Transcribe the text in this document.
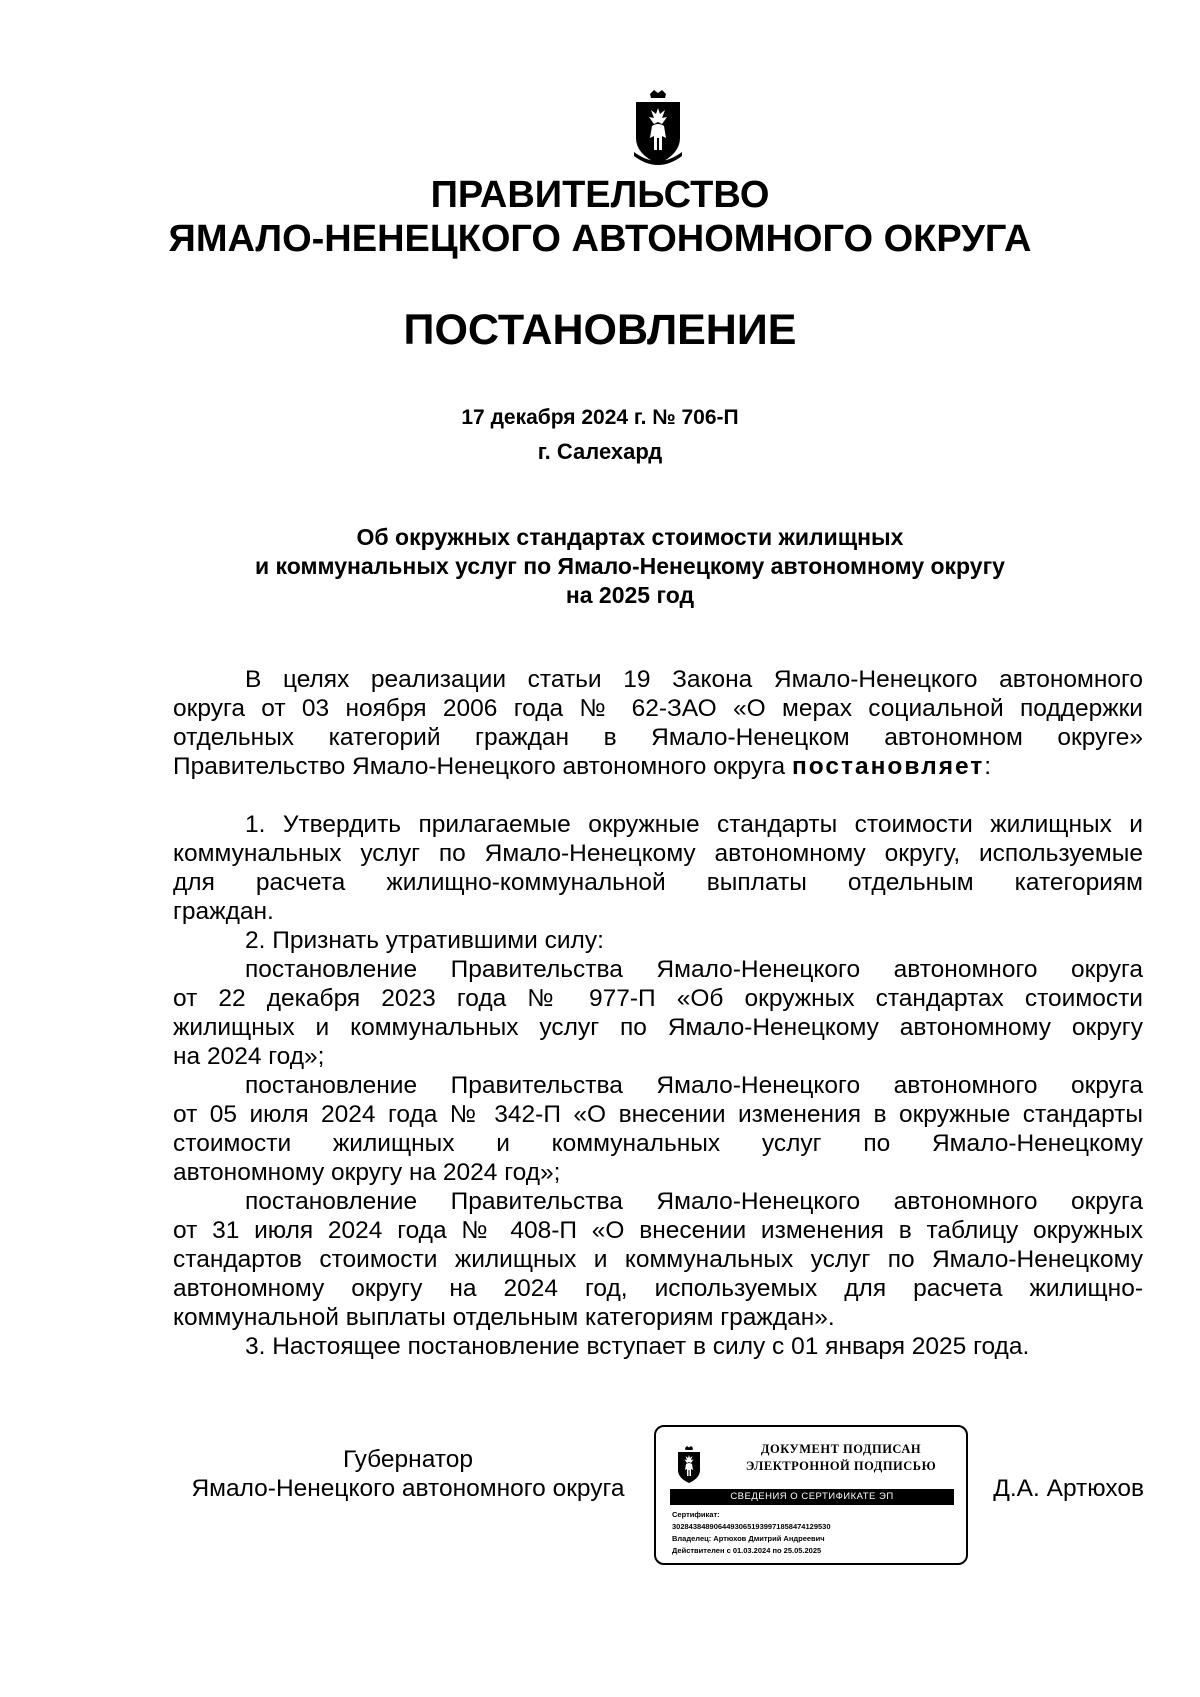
ПРАВИТЕЛЬСТВО
ЯМАЛО-НЕНЕЦКОГО АВТОНОМНОГО ОКРУГА
ПОСТАНОВЛЕНИЕ
17 декабря 2024 г. № 706-П
г. Салехард
Об окружных стандартах стоимости жилищных
и коммунальных услуг по Ямало-Ненецкому автономному округу
на 2025 год
В целях реализации статьи 19 Закона Ямало-Ненецкого автономного
округа от 03 ноября 2006 года № 62-ЗАО «О мерах социальной поддержки
отдельных категорий граждан в Ямало-Ненецком автономном округе»
Правительство Ямало-Ненецкого автономного округа постановляет:
1. Утвердить прилагаемые окружные стандарты стоимости жилищных и
коммунальных услуг по Ямало-Ненецкому автономному округу, используемые
для расчета жилищно-коммунальной выплаты отдельным категориям
граждан.
2. Признать утратившими силу:
постановление Правительства Ямало-Ненецкого автономного округа
от 22 декабря 2023 года № 977-П «Об окружных стандартах стоимости
жилищных и коммунальных услуг по Ямало-Ненецкому автономному округу
на 2024 год»;
постановление Правительства Ямало-Ненецкого автономного округа
от 05 июля 2024 года № 342-П «О внесении изменения в окружные стандарты
стоимости жилищных и коммунальных услуг по Ямало-Ненецкому
автономному округу на 2024 год»;
постановление Правительства Ямало-Ненецкого автономного округа
от 31 июля 2024 года № 408-П «О внесении изменения в таблицу окружных
стандартов стоимости жилищных и коммунальных услуг по Ямало-Ненецкому
автономному округу на 2024 год, используемых для расчета жилищно-
коммунальной выплаты отдельным категориям граждан».
3. Настоящее постановление вступает в силу с 01 января 2025 года.
Губернатор
Ямало-Ненецкого автономного округа
ДОКУМЕНТ ПОДПИСАН
ЭЛЕКТРОННОЙ ПОДПИСЬЮ
СВЕДЕНИЯ О СЕРТИФИКАТЕ ЭП
Сертификат:
30284384890644930651939971858474129530
Владелец: Артюхов Дмитрий Андреевич
Действителен с 01.03.2024 по 25.05.2025
Д.А. Артюхов
